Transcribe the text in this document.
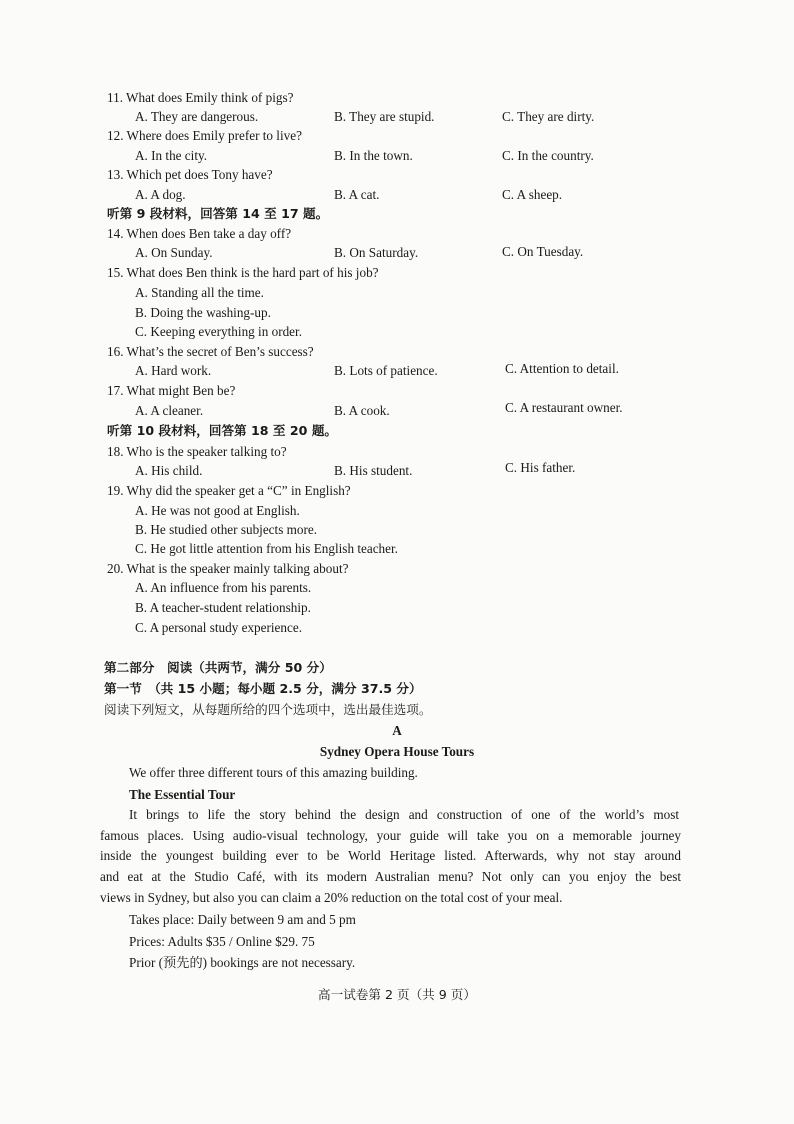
11. What does Emily think of pigs?
A. They are dangerous.	B. They are stupid.	C. They are dirty.
12. Where does Emily prefer to live?
A. In the city.	B. In the town.	C. In the country.
13. Which pet does Tony have?
A. A dog.	B. A cat.	C. A sheep.
听第 9 段材料，回答第 14 至 17 题。
14. When does Ben take a day off?
A. On Sunday.	B. On Saturday.	C. On Tuesday.
15. What does Ben think is the hard part of his job?
A. Standing all the time.
B. Doing the washing-up.
C. Keeping everything in order.
16. What’s the secret of Ben’s success?
A. Hard work.	B. Lots of patience.	C. Attention to detail.
17. What might Ben be?
A. A cleaner.	B. A cook.	C. A restaurant owner.
听第 10 段材料，回答第 18 至 20 题。
18. Who is the speaker talking to?
A. His child.	B. His student.	C. His father.
19. Why did the speaker get a “C” in English?
A. He was not good at English.
B. He studied other subjects more.
C. He got little attention from his English teacher.
20. What is the speaker mainly talking about?
A. An influence from his parents.
B. A teacher-student relationship.
C. A personal study experience.
第二部分　阅读（共两节，满分 50 分）
第一节　（共 15 小题；每小题 2.5 分，满分 37.5 分）
阅读下列短文，从每题所给的四个选项中，选出最佳选项。
A
Sydney Opera House Tours
We offer three different tours of this amazing building.
The Essential Tour
It brings to life the story behind the design and construction of one of the world’s most
famous places. Using audio-visual technology, your guide will take you on a memorable journey
inside the youngest building ever to be World Heritage listed. Afterwards, why not stay around
and eat at the Studio Café, with its modern Australian menu? Not only can you enjoy the best
views in Sydney, but also you can claim a 20% reduction on the total cost of your meal.
Takes place: Daily between 9 am and 5 pm
Prices: Adults $35 / Online $29. 75
Prior (预先的) bookings are not necessary.
高一试卷第 2 页（共 9 页）
